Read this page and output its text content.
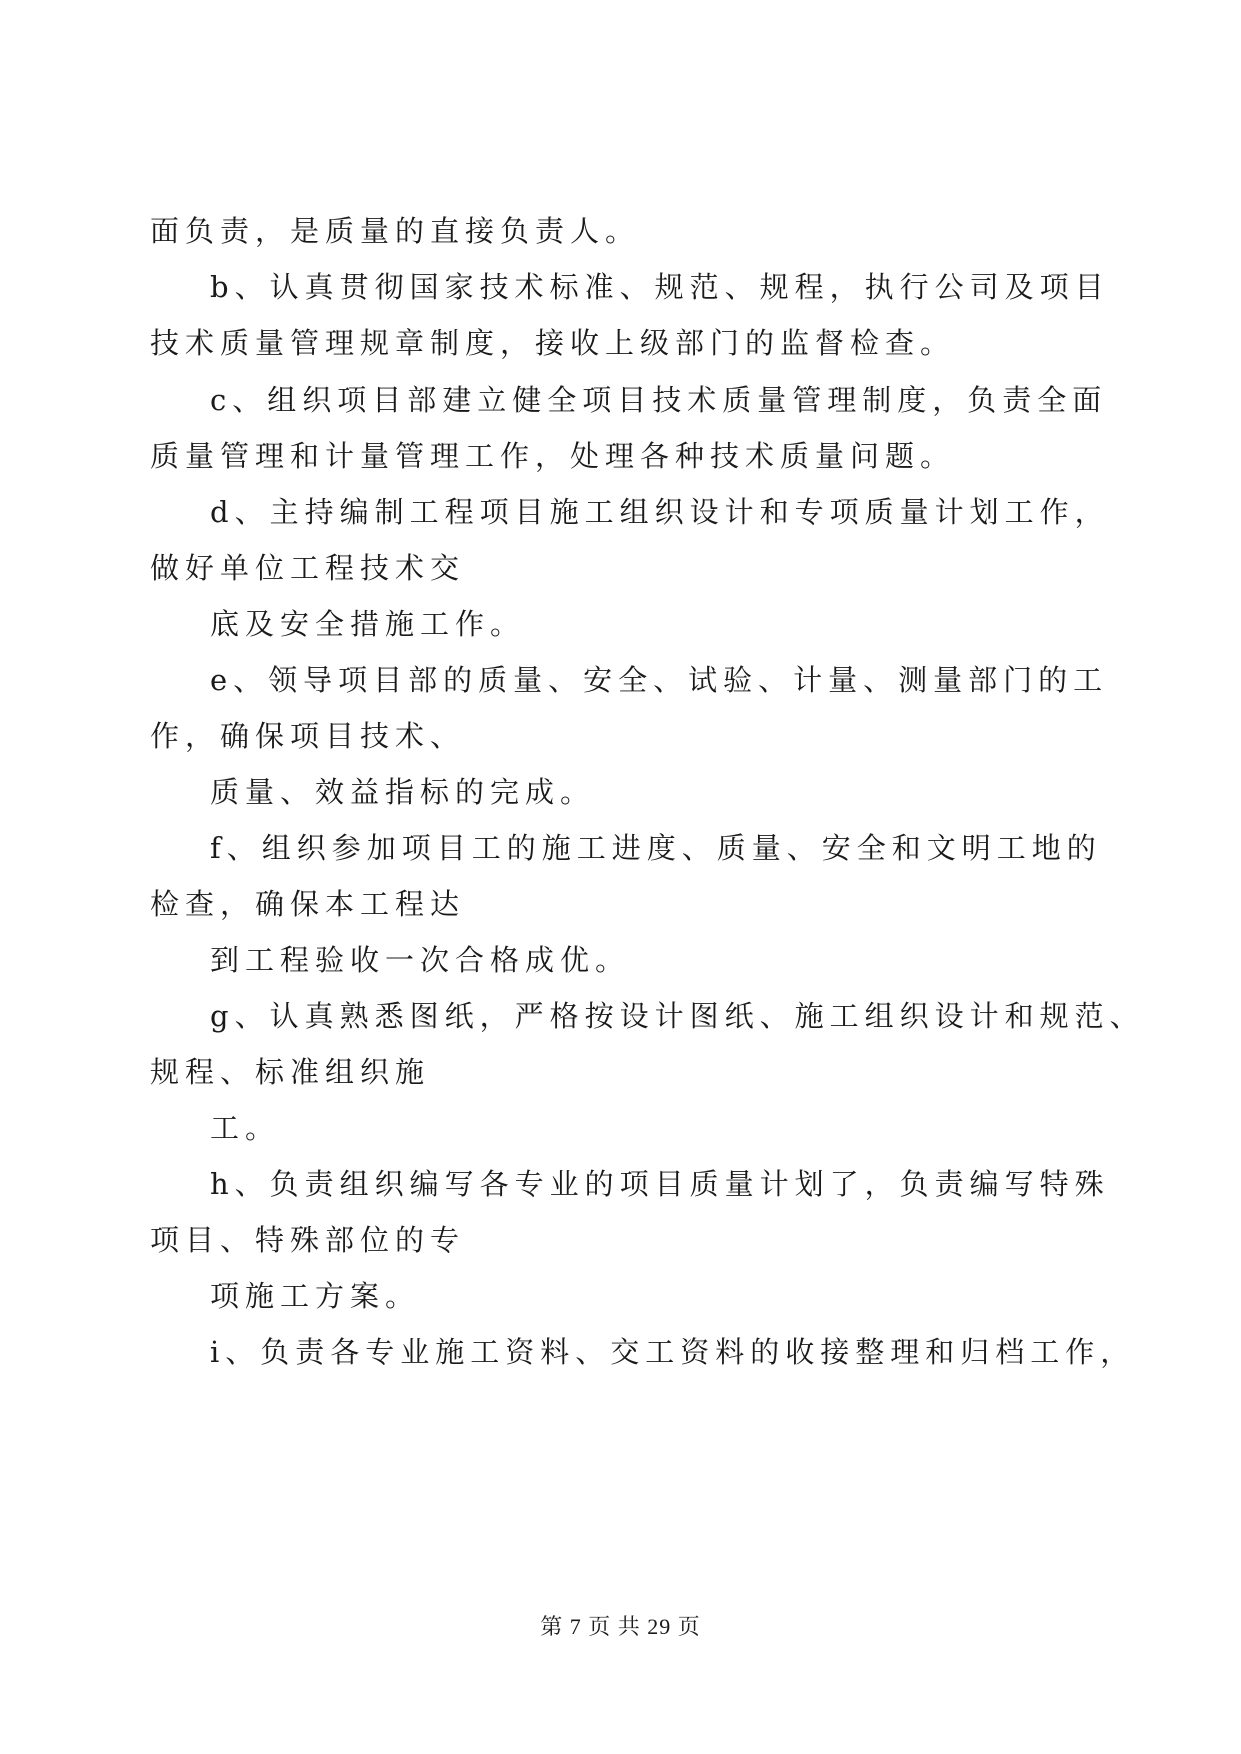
面负责，是质量的直接负责人。
b、认真贯彻国家技术标准、规范、规程，执行公司及项目
技术质量管理规章制度，接收上级部门的监督检查。
c、组织项目部建立健全项目技术质量管理制度，负责全面
质量管理和计量管理工作，处理各种技术质量问题。
d、主持编制工程项目施工组织设计和专项质量计划工作，
做好单位工程技术交
底及安全措施工作。
e、领导项目部的质量、安全、试验、计量、测量部门的工
作，确保项目技术、
质量、效益指标的完成。
f、组织参加项目工的施工进度、质量、安全和文明工地的
检查，确保本工程达
到工程验收一次合格成优。
g、认真熟悉图纸，严格按设计图纸、施工组织设计和规范、
规程、标准组织施
工。
h、负责组织编写各专业的项目质量计划了，负责编写特殊
项目、特殊部位的专
项施工方案。
i、负责各专业施工资料、交工资料的收接整理和归档工作，
第 7 页 共 29 页
